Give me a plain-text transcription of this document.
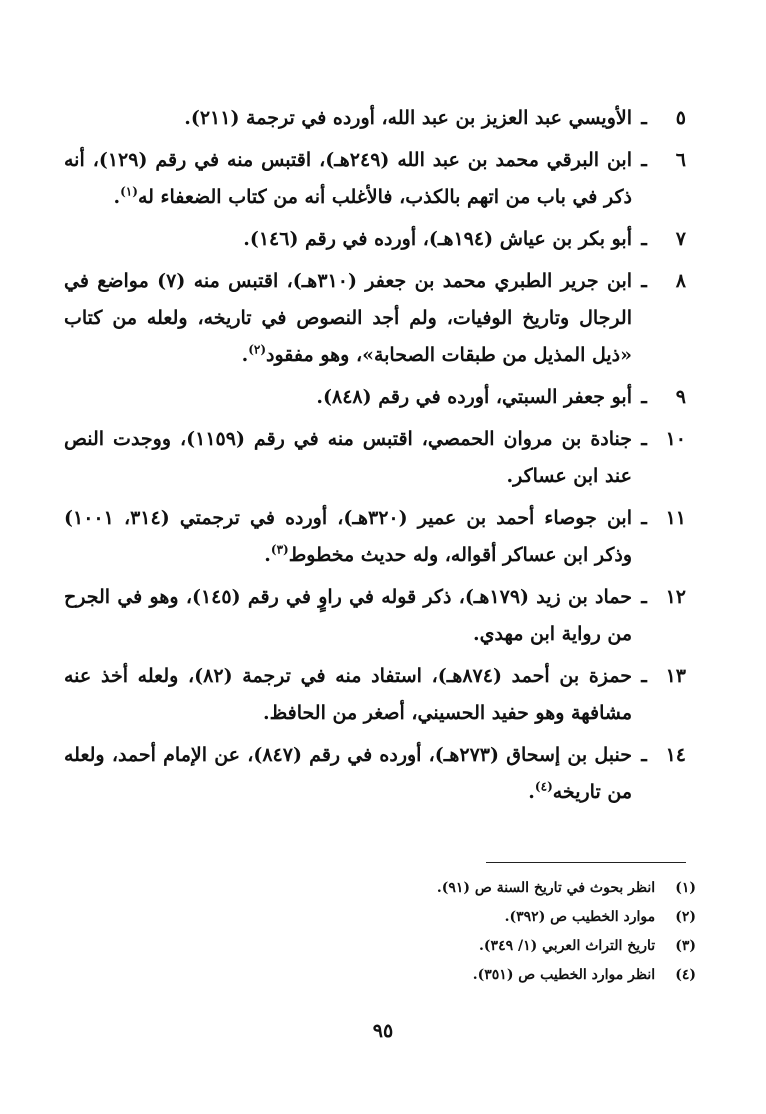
٥
ـ
الأويسي عبد العزيز بن عبد الله، أورده في ترجمة (٢١١).
٦
ـ
ابن البرقي محمد بن عبد الله (٢٤٩هـ)، اقتبس منه في رقم (١٢٩)، أنه ذكر في باب من اتهم بالكذب، فالأغلب أنه من كتاب الضعفاء له$^{(١)}$.
٧
ـ
أبو بكر بن عياش (١٩٤هـ)، أورده في رقم (١٤٦).
٨
ـ
ابن جرير الطبري محمد بن جعفر (٣١٠هـ)، اقتبس منه (٧) مواضع في الرجال وتاريخ الوفيات، ولم أجد النصوص في تاريخه، ولعله من كتاب «ذيل المذيل من طبقات الصحابة»، وهو مفقود$^{(٢)}$.
٩
ـ
أبو جعفر السبتي، أورده في رقم (٨٤٨).
١٠
ـ
جنادة بن مروان الحمصي، اقتبس منه في رقم (١١٥٩)، ووجدت النص عند ابن عساكر.
١١
ـ
ابن جوصاء أحمد بن عمير (٣٢٠هـ)، أورده في ترجمتي (٣١٤، ١٠٠١) وذكر ابن عساكر أقواله، وله حديث مخطوط$^{(٣)}$.
١٢
ـ
حماد بن زيد (١٧٩هـ)، ذكر قوله في راوٍ في رقم (١٤٥)، وهو في الجرح من رواية ابن مهدي.
١٣
ـ
حمزة بن أحمد (٨٧٤هـ)، استفاد منه في ترجمة (٨٢)، ولعله أخذ عنه مشافهة وهو حفيد الحسيني، أصغر من الحافظ.
١٤
ـ
حنبل بن إسحاق (٢٧٣هـ)، أورده في رقم (٨٤٧)، عن الإمام أحمد، ولعله من تاريخه$^{(٤)}$.
(١) انظر بحوث في تاريخ السنة ص (٩١).
(٢) موارد الخطيب ص (٣٩٢).
(٣) تاريخ التراث العربي (١/ ٣٤٩).
(٤) انظر موارد الخطيب ص (٣٥١).
٩٥
